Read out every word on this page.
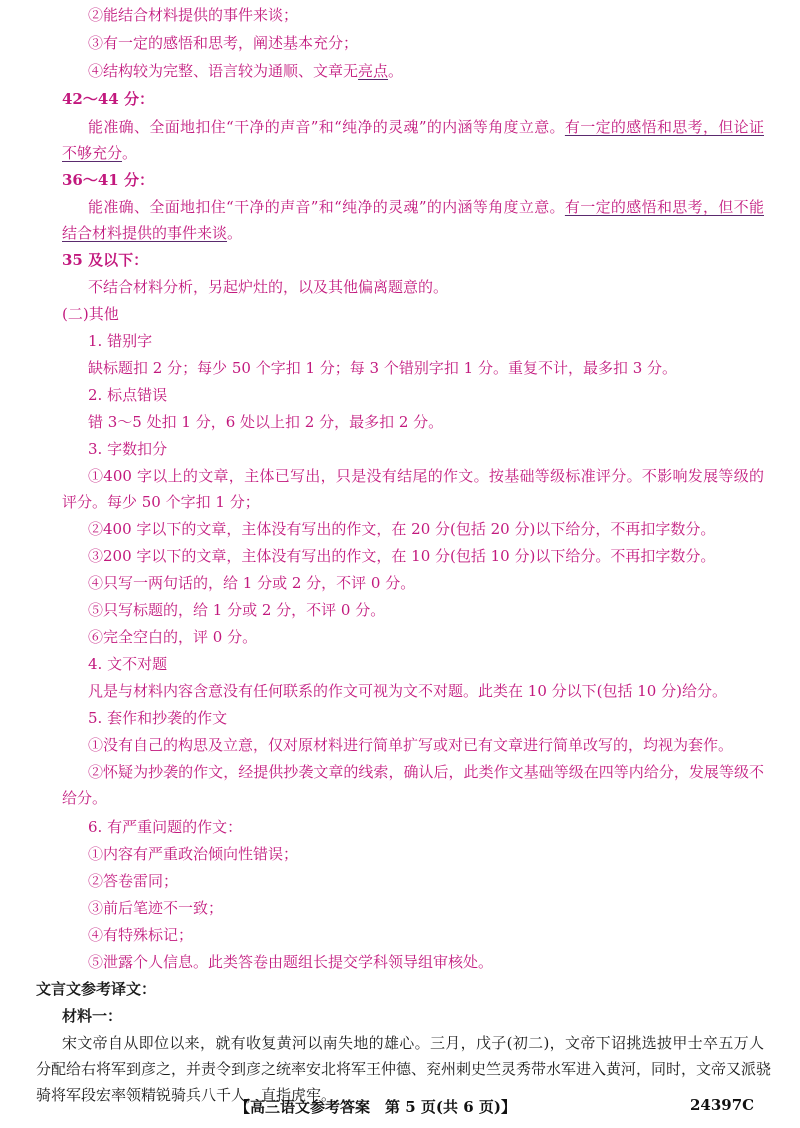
②能结合材料提供的事件来谈；
③有一定的感悟和思考，阐述基本充分；
④结构较为完整、语言较为通顺、文章无亮点。
42～44 分：
能准确、全面地扣住“干净的声音”和“纯净的灵魂”的内涵等角度立意。有一定的感悟和思考，但论证
不够充分。
36～41 分：
能准确、全面地扣住“干净的声音”和“纯净的灵魂”的内涵等角度立意。有一定的感悟和思考，但不能
结合材料提供的事件来谈。
35 及以下：
不结合材料分析，另起炉灶的，以及其他偏离题意的。
(二)其他
1. 错别字
缺标题扣 2 分；每少 50 个字扣 1 分；每 3 个错别字扣 1 分。重复不计，最多扣 3 分。
2. 标点错误
错 3～5 处扣 1 分，6 处以上扣 2 分，最多扣 2 分。
3. 字数扣分
①400 字以上的文章，主体已写出，只是没有结尾的作文。按基础等级标准评分。不影响发展等级的
评分。每少 50 个字扣 1 分；
②400 字以下的文章，主体没有写出的作文，在 20 分(包括 20 分)以下给分，不再扣字数分。
③200 字以下的文章，主体没有写出的作文，在 10 分(包括 10 分)以下给分。不再扣字数分。
④只写一两句话的，给 1 分或 2 分，不评 0 分。
⑤只写标题的，给 1 分或 2 分，不评 0 分。
⑥完全空白的，评 0 分。
4. 文不对题
凡是与材料内容含意没有任何联系的作文可视为文不对题。此类在 10 分以下(包括 10 分)给分。
5. 套作和抄袭的作文
①没有自己的构思及立意，仅对原材料进行简单扩写或对已有文章进行简单改写的，均视为套作。
②怀疑为抄袭的作文，经提供抄袭文章的线索，确认后，此类作文基础等级在四等内给分，发展等级不
给分。
6. 有严重问题的作文：
①内容有严重政治倾向性错误；
②答卷雷同；
③前后笔迹不一致；
④有特殊标记；
⑤泄露个人信息。此类答卷由题组长提交学科领导组审核处。
文言文参考译文：
材料一：
宋文帝自从即位以来，就有收复黄河以南失地的雄心。三月，戊子(初二)，文帝下诏挑选披甲士卒五万人
分配给右将军到彦之，并责令到彦之统率安北将军王仲德、兖州刺史竺灵秀带水军进入黄河，同时，文帝又派骁
骑将军段宏率领精锐骑兵八千人，直指虎牢。
【高三语文参考答案　第 5 页(共 6 页)】	24397C
